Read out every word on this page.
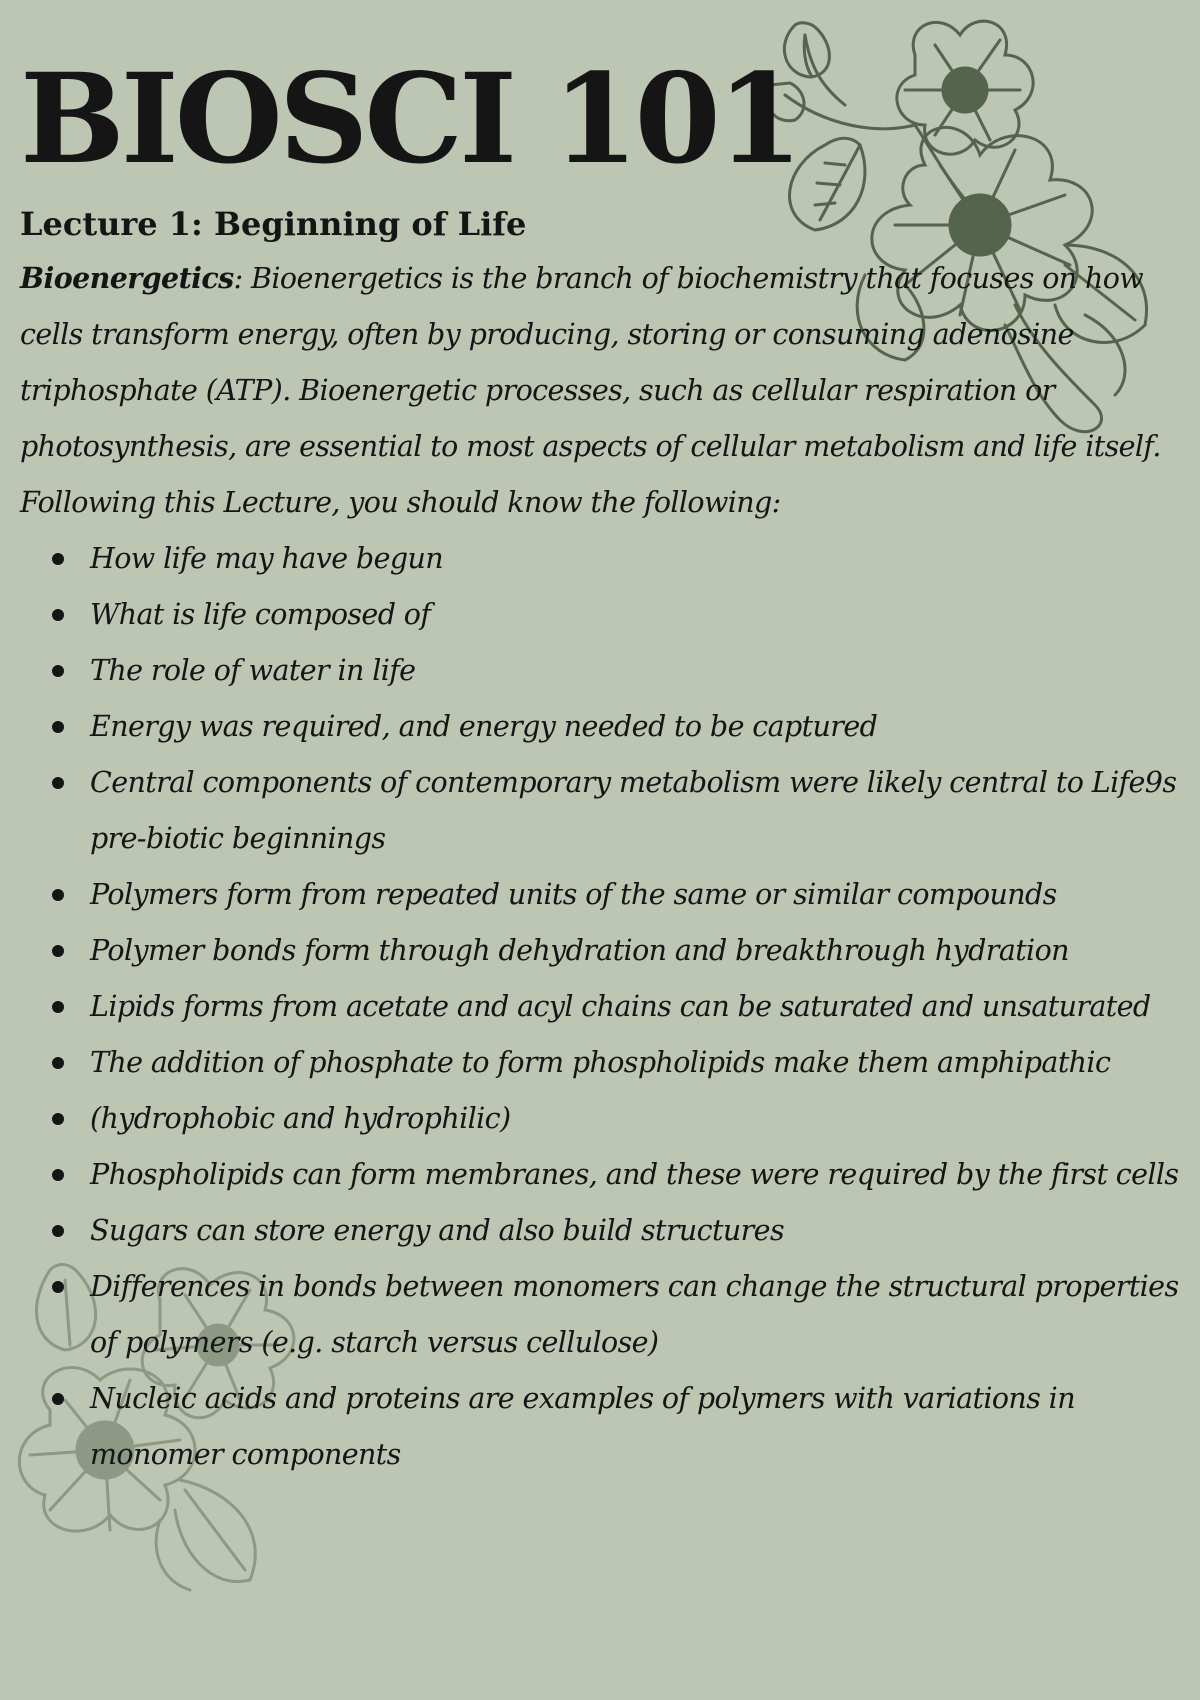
BIOSCI 101
Lecture 1: Beginning of Life

Bioenergetics: Bioenergetics is the branch of biochemistry that focuses on how cells transform energy, often by producing, storing or consuming adenosine triphosphate (ATP). Bioenergetic processes, such as cellular respiration or photosynthesis, are essential to most aspects of cellular metabolism and life itself.

Following this Lecture, you should know the following:

How life may have begun
What is life composed of
The role of water in life
Energy was required, and energy needed to be captured
Central components of contemporary metabolism were likely central to Life9s pre-biotic beginnings
Polymers form from repeated units of the same or similar compounds
Polymer bonds form through dehydration and breakthrough hydration
Lipids forms from acetate and acyl chains can be saturated and unsaturated
The addition of phosphate to form phospholipids make them amphipathic
(hydrophobic and hydrophilic)
Phospholipids can form membranes, and these were required by the first cells
Sugars can store energy and also build structures
Differences in bonds between monomers can change the structural properties of polymers (e.g. starch versus cellulose)
Nucleic acids and proteins are examples of polymers with variations in monomer components
